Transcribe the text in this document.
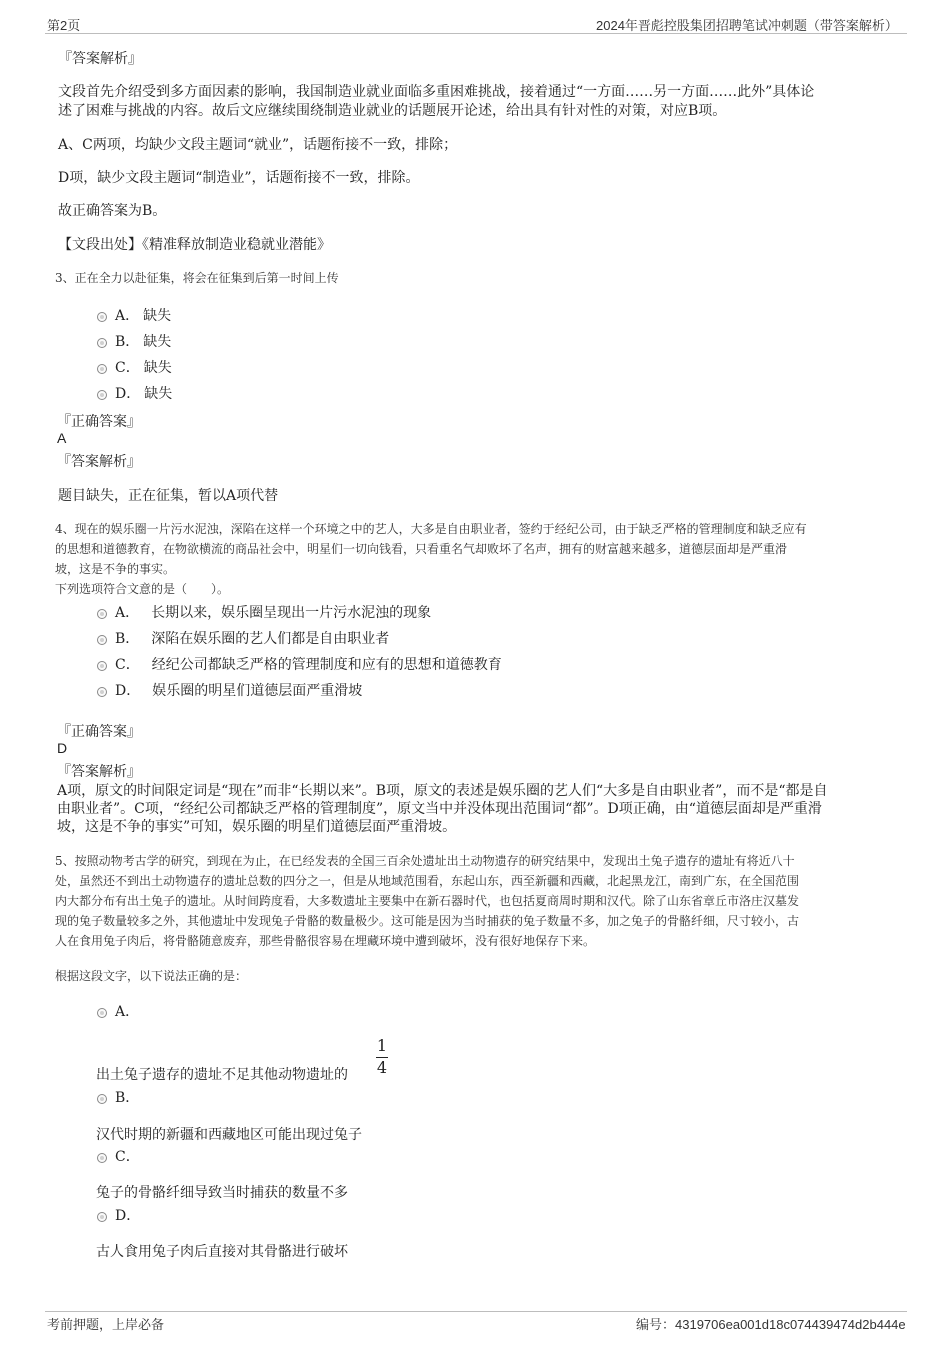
第2页	2024年晋彪控股集团招聘笔试冲刺题（带答案解析）
『答案解析』
文段首先介绍受到多方面因素的影响，我国制造业就业面临多重困难挑战，接着通过“一方面……另一方面……此外”具体论
述了困难与挑战的内容。故后文应继续围绕制造业就业的话题展开论述，给出具有针对性的对策，对应B项。
A、C两项，均缺少文段主题词“就业”，话题衔接不一致，排除；
D项，缺少文段主题词“制造业”，话题衔接不一致，排除。
故正确答案为B。
【文段出处】《精准释放制造业稳就业潜能》
3、正在全力以赴征集，将会在征集到后第一时间上传
A． 缺失
B． 缺失
C． 缺失
D． 缺失
『正确答案』
A
『答案解析』
题目缺失，正在征集，暂以A项代替
4、现在的娱乐圈一片污水泥浊，深陷在这样一个环境之中的艺人，大多是自由职业者，签约于经纪公司，由于缺乏严格的管理制度和缺乏应有
的思想和道德教育，在物欲横流的商品社会中，明星们一切向钱看，只看重名气却败坏了名声，拥有的财富越来越多，道德层面却是严重滑
坡，这是不争的事实。
下列选项符合文意的是（　　）。
A． 长期以来，娱乐圈呈现出一片污水泥浊的现象
B． 深陷在娱乐圈的艺人们都是自由职业者
C． 经纪公司都缺乏严格的管理制度和应有的思想和道德教育
D． 娱乐圈的明星们道德层面严重滑坡
『正确答案』
D
『答案解析』
A项，原文的时间限定词是“现在”而非“长期以来”。B项，原文的表述是娱乐圈的艺人们“大多是自由职业者”，而不是“都是自
由职业者”。C项，“经纪公司都缺乏严格的管理制度”，原文当中并没体现出范围词“都”。D项正确，由“道德层面却是严重滑
坡，这是不争的事实”可知，娱乐圈的明星们道德层面严重滑坡。
5、按照动物考古学的研究，到现在为止，在已经发表的全国三百余处遗址出土动物遗存的研究结果中，发现出土兔子遗存的遗址有将近八十
处，虽然还不到出土动物遗存的遗址总数的四分之一，但是从地域范围看，东起山东，西至新疆和西藏，北起黑龙江，南到广东，在全国范围
内大都分布有出土兔子的遗址。从时间跨度看，大多数遗址主要集中在新石器时代，也包括夏商周时期和汉代。除了山东省章丘市洛庄汉墓发
现的兔子数量较多之外，其他遗址中发现兔子骨骼的数量极少。这可能是因为当时捕获的兔子数量不多，加之兔子的骨骼纤细，尺寸较小，古
人在食用兔子肉后，将骨骼随意废弃，那些骨骼很容易在埋藏环境中遭到破坏，没有很好地保存下来。
根据这段文字，以下说法正确的是：
A．
出土兔子遗存的遗址不足其他动物遗址的
1
4
B．
汉代时期的新疆和西藏地区可能出现过兔子
C．
兔子的骨骼纤细导致当时捕获的数量不多
D．
古人食用兔子肉后直接对其骨骼进行破坏
考前押题，上岸必备	编号：4319706ea001d18c074439474d2b444e
